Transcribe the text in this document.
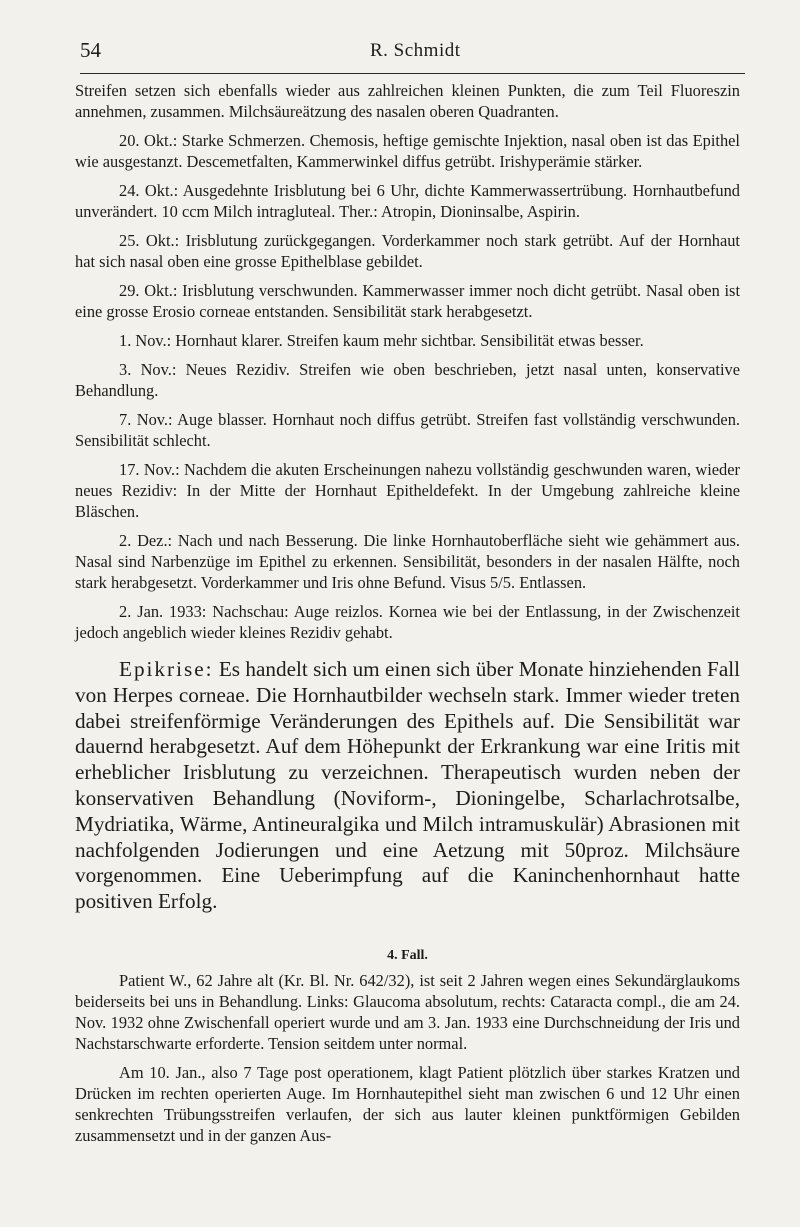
54	R. Schmidt

Streifen setzen sich ebenfalls wieder aus zahlreichen kleinen Punkten, die zum Teil Fluoreszin annehmen, zusammen. Milchsäureätzung des nasalen oberen Quadranten.

20. Okt.: Starke Schmerzen. Chemosis, heftige gemischte Injektion, nasal oben ist das Epithel wie ausgestanzt. Descemetfalten, Kammerwinkel diffus getrübt. Irishyperämie stärker.

24. Okt.: Ausgedehnte Irisblutung bei 6 Uhr, dichte Kammerwassertrübung. Hornhautbefund unverändert. 10 ccm Milch intragluteal. Ther.: Atropin, Dioninsalbe, Aspirin.

25. Okt.: Irisblutung zurückgegangen. Vorderkammer noch stark getrübt. Auf der Hornhaut hat sich nasal oben eine grosse Epithelblase gebildet.

29. Okt.: Irisblutung verschwunden. Kammerwasser immer noch dicht getrübt. Nasal oben ist eine grosse Erosio corneae entstanden. Sensibilität stark herabgesetzt.

1. Nov.: Hornhaut klarer. Streifen kaum mehr sichtbar. Sensibilität etwas besser.

3. Nov.: Neues Rezidiv. Streifen wie oben beschrieben, jetzt nasal unten, konservative Behandlung.

7. Nov.: Auge blasser. Hornhaut noch diffus getrübt. Streifen fast vollständig verschwunden. Sensibilität schlecht.

17. Nov.: Nachdem die akuten Erscheinungen nahezu vollständig geschwunden waren, wieder neues Rezidiv: In der Mitte der Hornhaut Epitheldefekt. In der Umgebung zahlreiche kleine Bläschen.

2. Dez.: Nach und nach Besserung. Die linke Hornhautoberfläche sieht wie gehämmert aus. Nasal sind Narbenzüge im Epithel zu erkennen. Sensibilität, besonders in der nasalen Hälfte, noch stark herabgesetzt. Vorderkammer und Iris ohne Befund. Visus 5/5. Entlassen.

2. Jan. 1933: Nachschau: Auge reizlos. Kornea wie bei der Entlassung, in der Zwischenzeit jedoch angeblich wieder kleines Rezidiv gehabt.

Epikrise: Es handelt sich um einen sich über Monate hinziehenden Fall von Herpes corneae. Die Hornhautbilder wechseln stark. Immer wieder treten dabei streifenförmige Veränderungen des Epithels auf. Die Sensibilität war dauernd herabgesetzt. Auf dem Höhepunkt der Erkrankung war eine Iritis mit erheblicher Irisblutung zu verzeichnen. Therapeutisch wurden neben der konservativen Behandlung (Noviform-, Dioningelbe, Scharlachrotsalbe, Mydriatika, Wärme, Antineuralgika und Milch intramuskulär) Abrasionen mit nachfolgenden Jodierungen und eine Aetzung mit 50proz. Milchsäure vorgenommen. Eine Ueberimpfung auf die Kaninchenhornhaut hatte positiven Erfolg.
4. Fall.

Patient W., 62 Jahre alt (Kr. Bl. Nr. 642/32), ist seit 2 Jahren wegen eines Sekundärglaukoms beiderseits bei uns in Behandlung. Links: Glaucoma absolutum, rechts: Cataracta compl., die am 24. Nov. 1932 ohne Zwischenfall operiert wurde und am 3. Jan. 1933 eine Durchschneidung der Iris und Nachstarschwarte erforderte. Tension seitdem unter normal.

Am 10. Jan., also 7 Tage post operationem, klagt Patient plötzlich über starkes Kratzen und Drücken im rechten operierten Auge. Im Hornhautepithel sieht man zwischen 6 und 12 Uhr einen senkrechten Trübungsstreifen verlaufen, der sich aus lauter kleinen punktförmigen Gebilden zusammensetzt und in der ganzen Aus-
